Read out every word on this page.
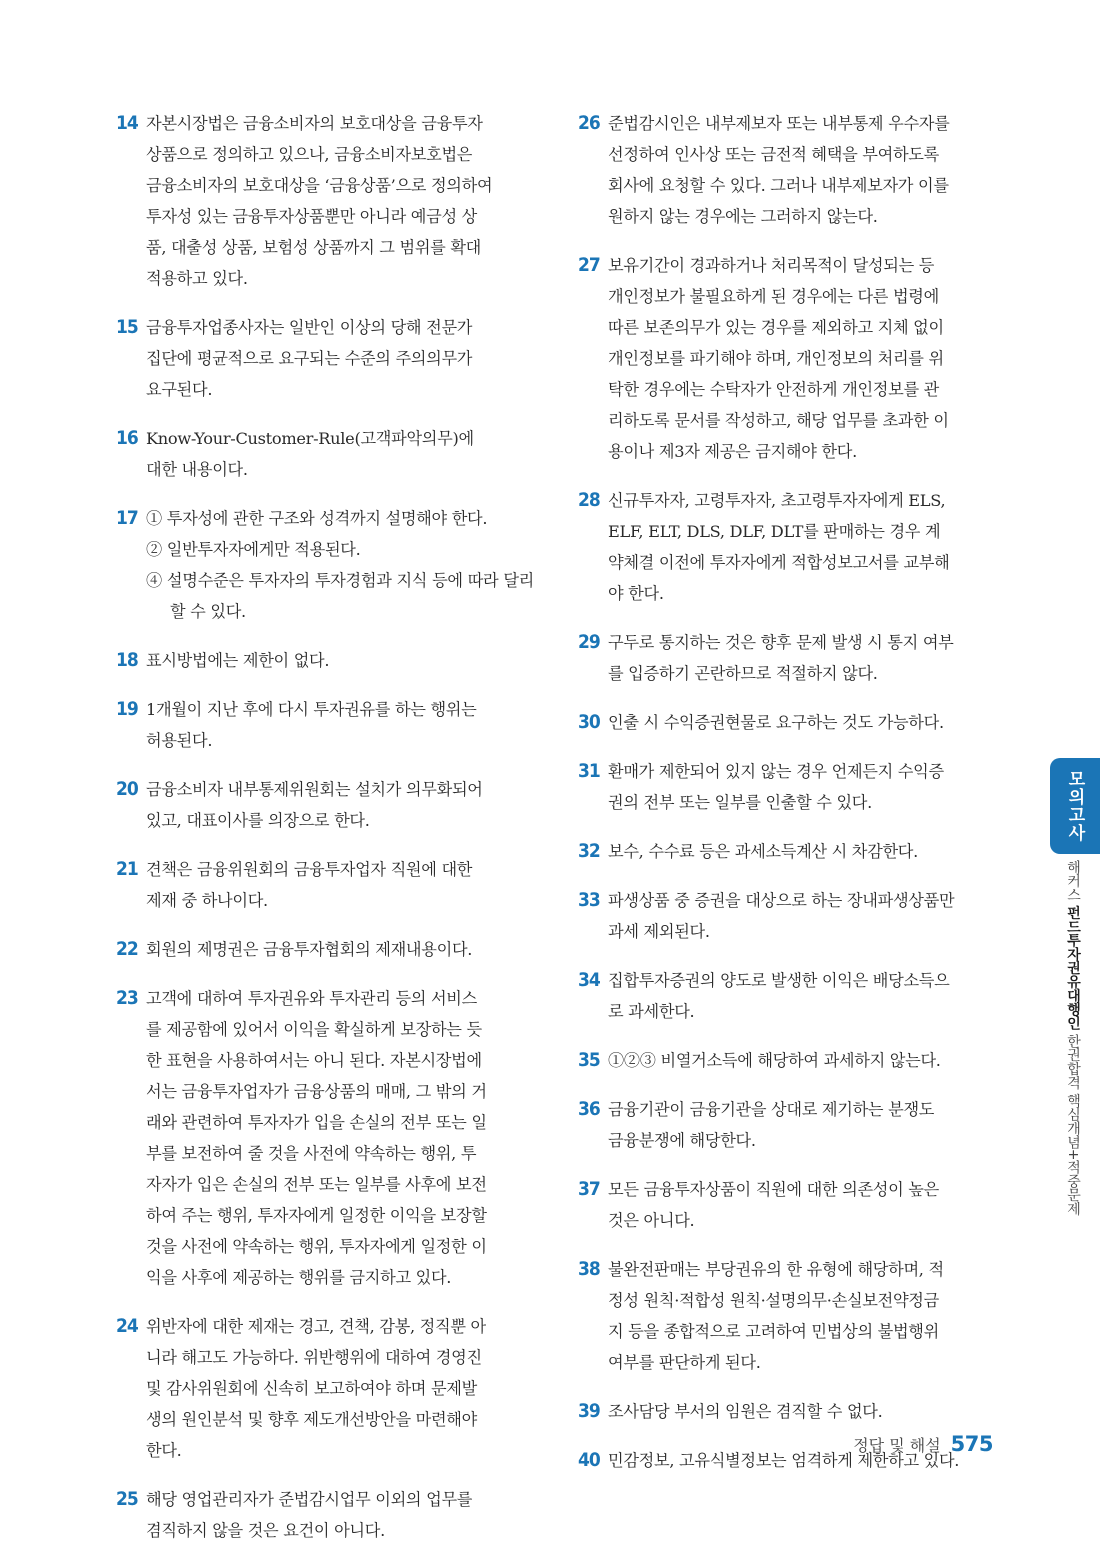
14 자본시장법은 금융소비자의 보호대상을 금융투자
상품으로 정의하고 있으나, 금융소비자보호법은
금융소비자의 보호대상을 ‘금융상품’으로 정의하여
투자성 있는 금융투자상품뿐만 아니라 예금성 상
품, 대출성 상품, 보험성 상품까지 그 범위를 확대
적용하고 있다.
15 금융투자업종사자는 일반인 이상의 당해 전문가
집단에 평균적으로 요구되는 수준의 주의의무가
요구된다.
16 Know-Your-Customer-Rule(고객파악의무)에
대한 내용이다.
17 ① 투자성에 관한 구조와 성격까지 설명해야 한다.
② 일반투자자에게만 적용된다.
④ 설명수준은 투자자의 투자경험과 지식 등에 따라 달리할 수 있다.
18 표시방법에는 제한이 없다.
19 1개월이 지난 후에 다시 투자권유를 하는 행위는
허용된다.
20 금융소비자 내부통제위원회는 설치가 의무화되어
있고, 대표이사를 의장으로 한다.
21 견책은 금융위원회의 금융투자업자 직원에 대한
제재 중 하나이다.
22 회원의 제명권은 금융투자협회의 제재내용이다.
23 고객에 대하여 투자권유와 투자관리 등의 서비스
를 제공함에 있어서 이익을 확실하게 보장하는 듯
한 표현을 사용하여서는 아니 된다. 자본시장법에
서는 금융투자업자가 금융상품의 매매, 그 밖의 거
래와 관련하여 투자자가 입을 손실의 전부 또는 일
부를 보전하여 줄 것을 사전에 약속하는 행위, 투
자자가 입은 손실의 전부 또는 일부를 사후에 보전
하여 주는 행위, 투자자에게 일정한 이익을 보장할
것을 사전에 약속하는 행위, 투자자에게 일정한 이
익을 사후에 제공하는 행위를 금지하고 있다.
24 위반자에 대한 제재는 경고, 견책, 감봉, 정직뿐 아
니라 해고도 가능하다. 위반행위에 대하여 경영진
및 감사위원회에 신속히 보고하여야 하며 문제발
생의 원인분석 및 향후 제도개선방안을 마련해야
한다.
25 해당 영업관리자가 준법감시업무 이외의 업무를
겸직하지 않을 것은 요건이 아니다.
26 준법감시인은 내부제보자 또는 내부통제 우수자를
선정하여 인사상 또는 금전적 혜택을 부여하도록
회사에 요청할 수 있다. 그러나 내부제보자가 이를
원하지 않는 경우에는 그러하지 않는다.
27 보유기간이 경과하거나 처리목적이 달성되는 등
개인정보가 불필요하게 된 경우에는 다른 법령에
따른 보존의무가 있는 경우를 제외하고 지체 없이
개인정보를 파기해야 하며, 개인정보의 처리를 위
탁한 경우에는 수탁자가 안전하게 개인정보를 관
리하도록 문서를 작성하고, 해당 업무를 초과한 이
용이나 제3자 제공은 금지해야 한다.
28 신규투자자, 고령투자자, 초고령투자자에게 ELS,
ELF, ELT, DLS, DLF, DLT를 판매하는 경우 계
약체결 이전에 투자자에게 적합성보고서를 교부해
야 한다.
29 구두로 통지하는 것은 향후 문제 발생 시 통지 여부
를 입증하기 곤란하므로 적절하지 않다.
30 인출 시 수익증권현물로 요구하는 것도 가능하다.
31 환매가 제한되어 있지 않는 경우 언제든지 수익증
권의 전부 또는 일부를 인출할 수 있다.
32 보수, 수수료 등은 과세소득계산 시 차감한다.
33 파생상품 중 증권을 대상으로 하는 장내파생상품만
과세 제외된다.
34 집합투자증권의 양도로 발생한 이익은 배당소득으
로 과세한다.
35 ①②③ 비열거소득에 해당하여 과세하지 않는다.
36 금융기관이 금융기관을 상대로 제기하는 분쟁도
금융분쟁에 해당한다.
37 모든 금융투자상품이 직원에 대한 의존성이 높은
것은 아니다.
38 불완전판매는 부당권유의 한 유형에 해당하며, 적
정성 원칙·적합성 원칙·설명의무·손실보전약정금
지 등을 종합적으로 고려하여 민법상의 불법행위
여부를 판단하게 된다.
39 조사담당 부서의 임원은 겸직할 수 없다.
40 민감정보, 고유식별정보는 엄격하게 제한하고 있다.
모의고사
해커스 펀드투자권유대행인 한권합격 핵심개념+적중문제
정답 및 해설 575
